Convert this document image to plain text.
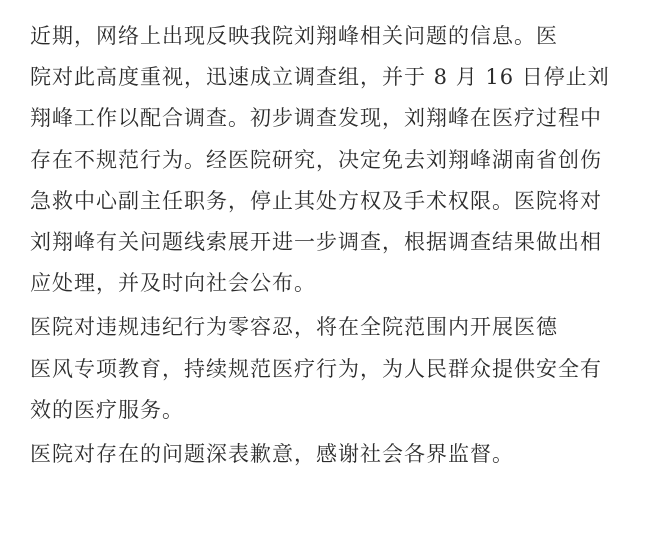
近期，网络上出现反映我院刘翔峰相关问题的信息。医
院对此高度重视，迅速成立调查组，并于 8 月 16 日停止刘
翔峰工作以配合调查。初步调查发现，刘翔峰在医疗过程中
存在不规范行为。经医院研究，决定免去刘翔峰湖南省创伤
急救中心副主任职务，停止其处方权及手术权限。医院将对
刘翔峰有关问题线索展开进一步调查，根据调查结果做出相
应处理，并及时向社会公布。
医院对违规违纪行为零容忍，将在全院范围内开展医德
医风专项教育，持续规范医疗行为，为人民群众提供安全有
效的医疗服务。
医院对存在的问题深表歉意，感谢社会各界监督。
